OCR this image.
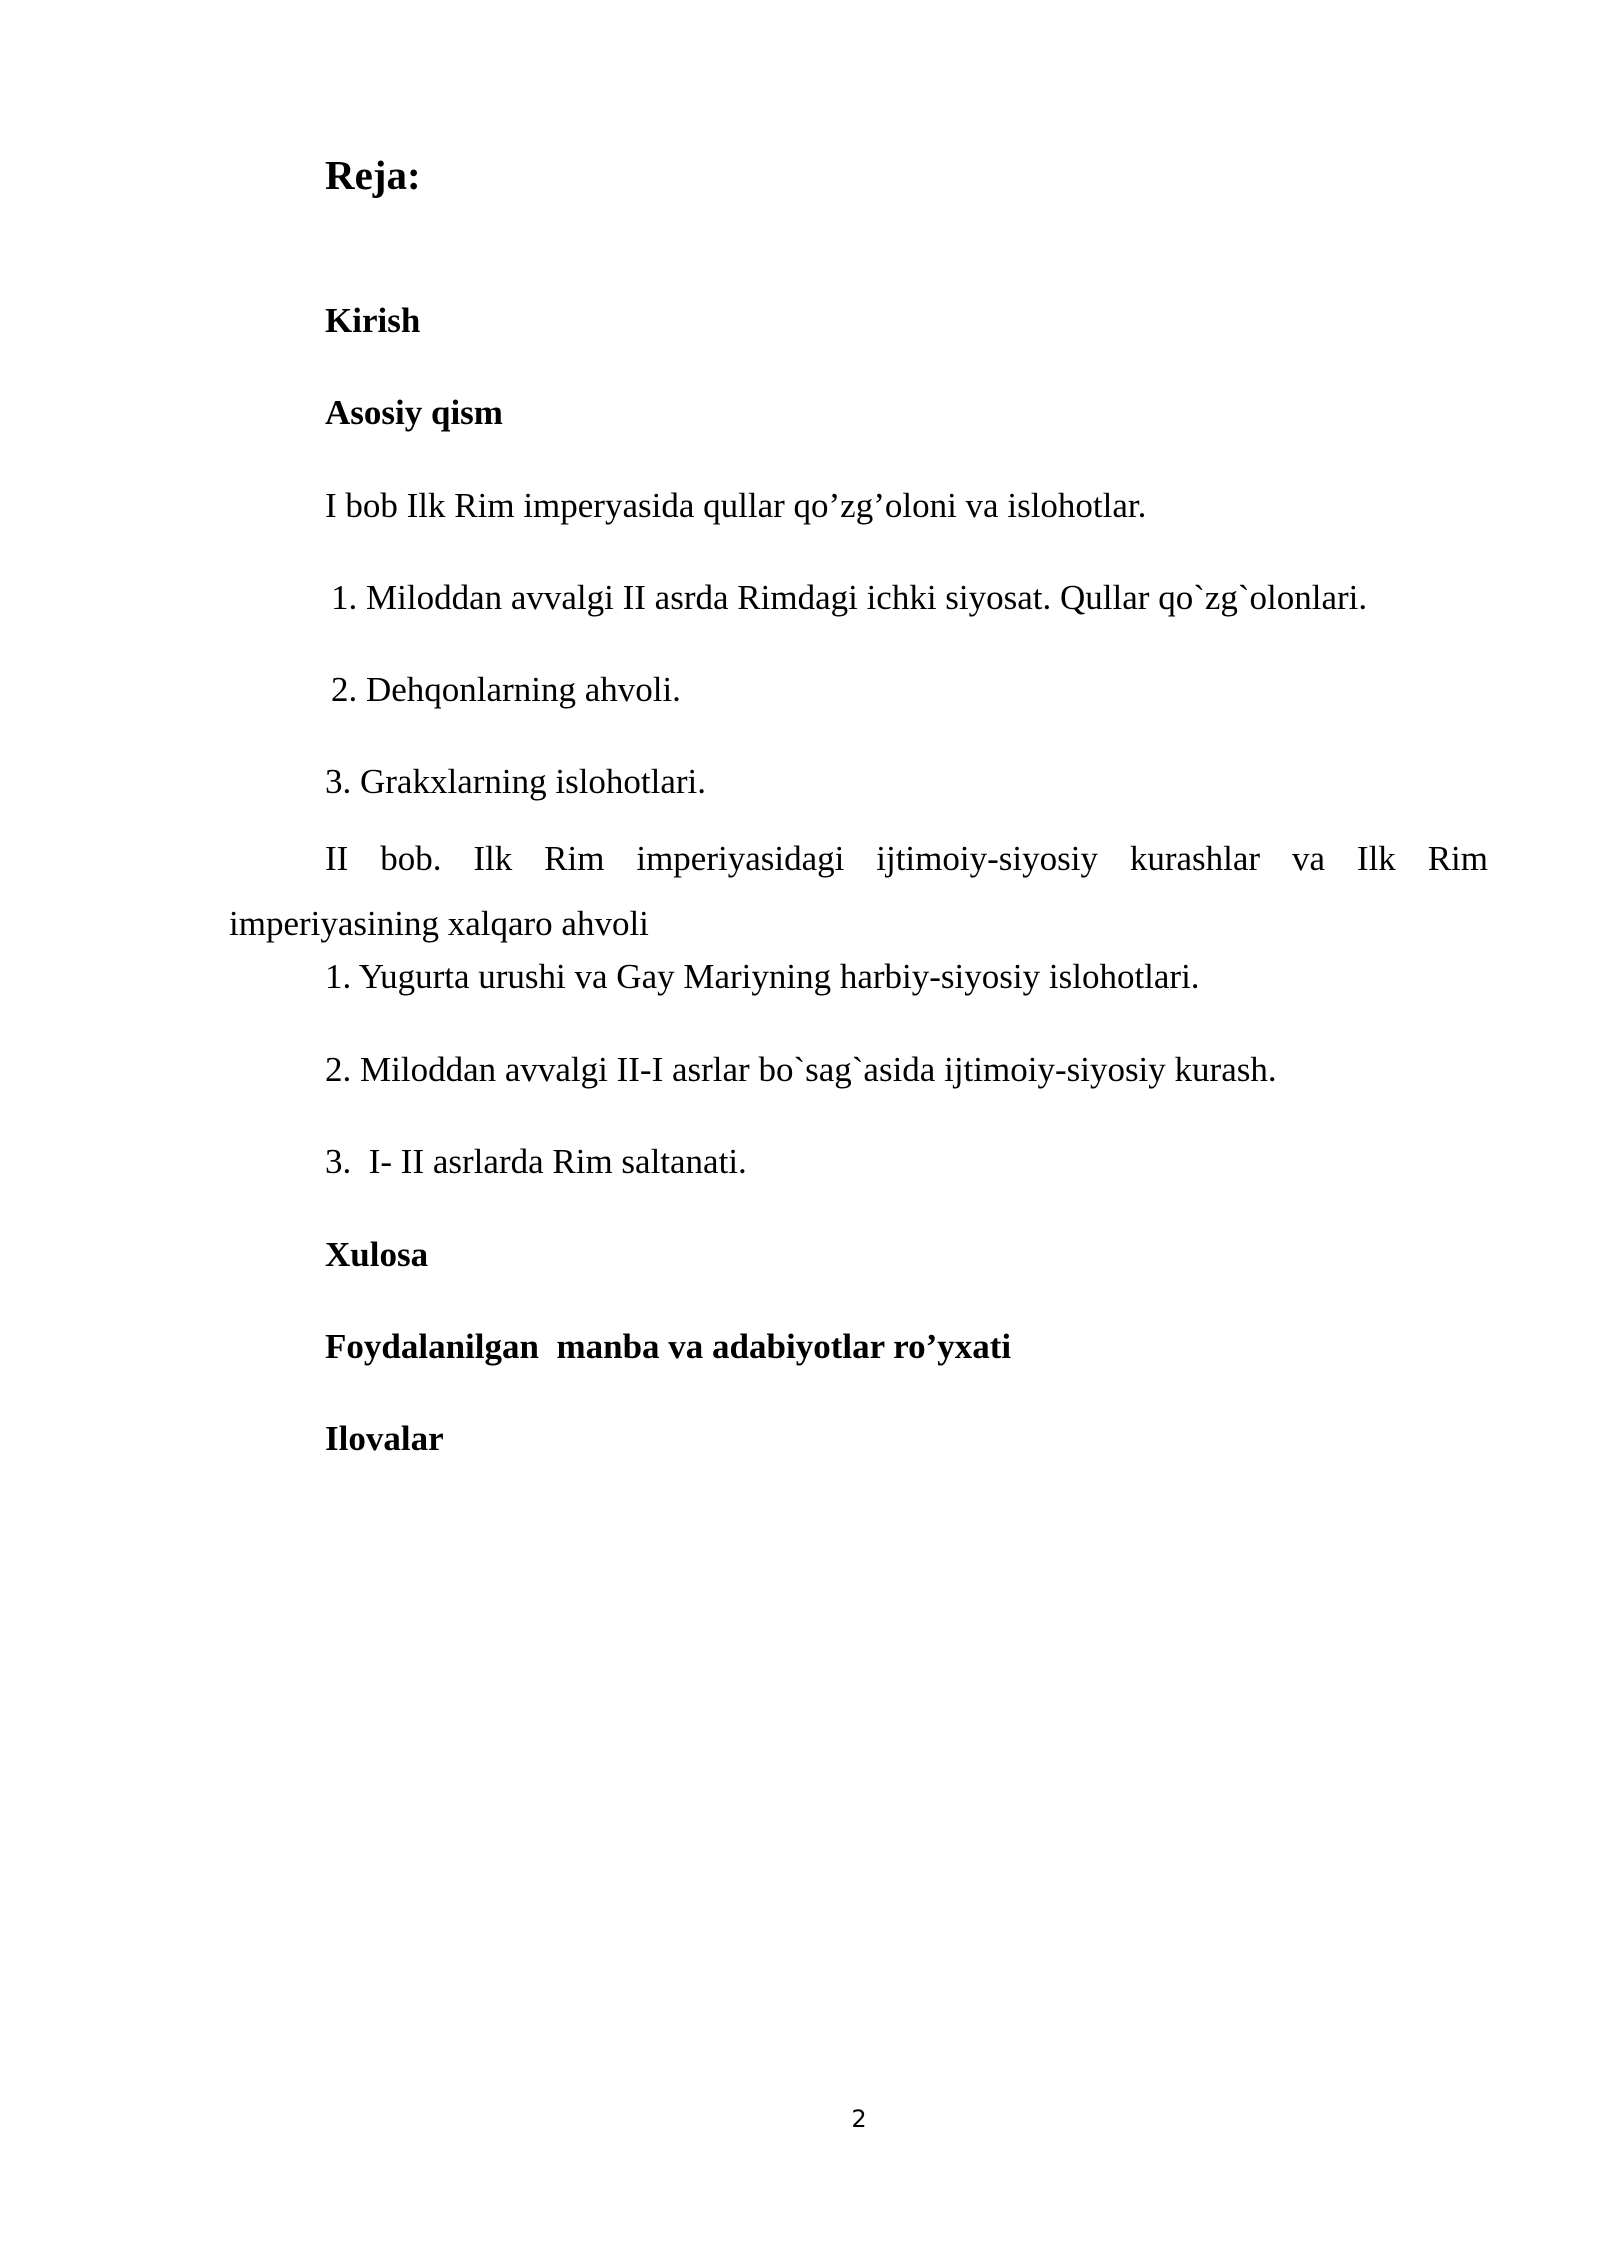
Reja:

Kirish

Asosiy qism

I bob Ilk Rim imperyasida qullar qo’zg’oloni va islohotlar.

1. Miloddan avvalgi II asrda Rimdagi ichki siyosat. Qullar qo`zg`olonlari.

2. Dehqonlarning ahvoli.

3. Grakxlarning islohotlari.

II bob. Ilk Rim imperiyasidagi ijtimoiy-siyosiy kurashlar va Ilk Rim imperiyasining xalqaro ahvoli

1. Yugurta urushi va Gay Mariyning harbiy-siyosiy islohotlari.

2. Miloddan avvalgi II-I asrlar bo`sag`asida ijtimoiy-siyosiy kurash.

3.  I- II asrlarda Rim saltanati.

Xulosa

Foydalanilgan  manba va adabiyotlar ro’yxati

Ilovalar

2
